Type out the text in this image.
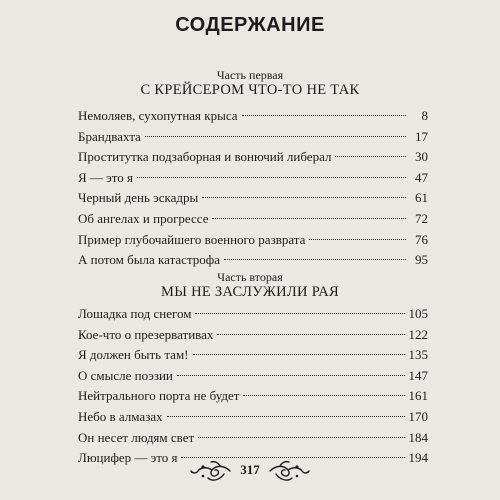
СОДЕРЖАНИЕ
Часть первая
С КРЕЙСЕРОМ ЧТО-ТО НЕ ТАК
Немоляев, сухопутная крыса	8
Брандвахта	17
Проститутка подзаборная и вонючий либерал	30
Я — это я	47
Черный день эскадры	61
Об ангелах и прогрессе	72
Пример глубочайшего военного разврата	76
А потом была катастрофа	95
Часть вторая
МЫ НЕ ЗАСЛУЖИЛИ РАЯ
Лошадка под снегом	105
Кое-что о презервативах	122
Я должен быть там!	135
О смысле поэзии	147
Нейтрального порта не будет	161
Небо в алмазах	170
Он несет людям свет	184
Люцифер — это я	194
317
